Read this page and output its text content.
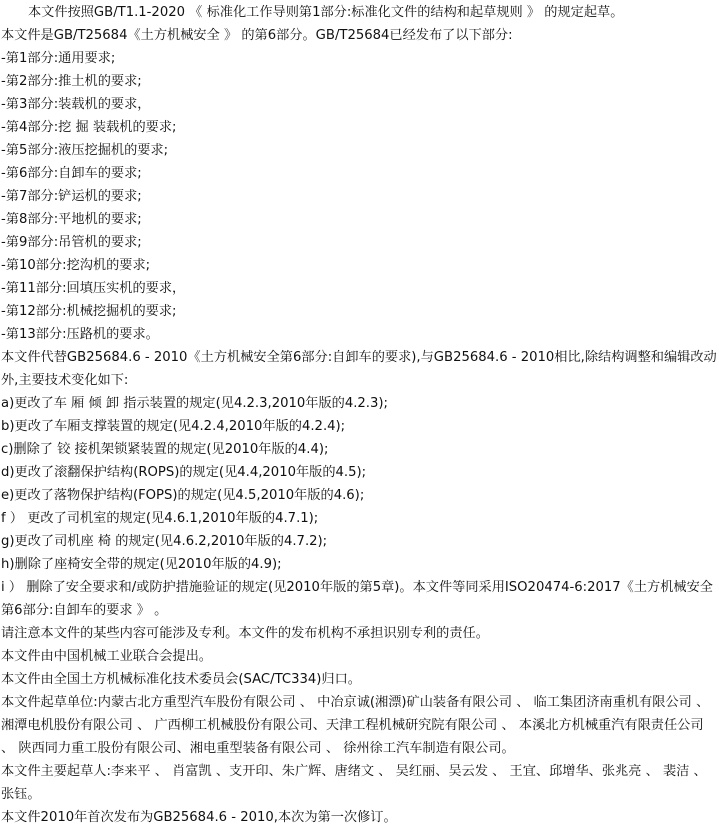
本文件按照GB/T1.1-2020 《 标准化工作导则第1部分:标准化文件的结构和起草规则 》 的规定起草。

本文件是GB/T25684《土方机械安全 》 的第6部分。GB/T25684已经发布了以下部分:

-第1部分:通用要求;

-第2部分:推土机的要求;

-第3部分:装载机的要求，

-第4部分:挖 掘 装载机的要求;

-第5部分:液压挖掘机的要求;

-第6部分:自卸车的要求;

-第7部分:铲运机的要求;

-第8部分:平地机的要求;

-第9部分:吊管机的要求;

-第10部分:挖沟机的要求;

-第11部分:回填压实机的要求，

-第12部分:机械挖掘机的要求;

-第13部分:压路机的要求。

本文件代替GB25684.6 - 2010《土方机械安全第6部分:自卸车的要求),与GB25684.6 - 2010相比,除结构调整和编辑改动外,主要技术变化如下:

a)更改了车 厢 倾 卸 指示装置的规定(见4.2.3,2010年版的4.2.3);

b)更改了车厢支撑装置的规定(见4.2.4,2010年版的4.2.4);

c)删除了 铰 接机架锁紧装置的规定(见2010年版的4.4);

d)更改了滚翻保护结构(ROPS)的规定(见4.4,2010年版的4.5);

e)更改了落物保护结构(FOPS)的规定(见4.5,2010年版的4.6);

f ） 更改了司机室的规定(见4.6.1,2010年版的4.7.1);

g)更改了司机座 椅 的规定(见4.6.2,2010年版的4.7.2);

h)删除了座椅安全带的规定(见2010年版的4.9);

i ） 删除了安全要求和/或防护措施验证的规定(见2010年版的第5章)。本文件等同采用ISO20474-6:2017《土方机械安全第6部分:自卸车的要求 》 。

请注意本文件的某些内容可能涉及专利。本文件的发布机构不承担识别专利的责任。

本文件由中国机械工业联合会提出。

本文件由全国土方机械标准化技术委员会(SAC/TC334)归口。

本文件起草单位:内蒙古北方重型汽车股份有限公司 、 中冶京诚(湘漂)矿山装备有限公司 、 临工集团济南重机有限公司 、 湘潭电机股份有限公司 、 广西柳工机械股份有限公司、天津工程机械研究院有限公司 、 本溪北方机械重汽有限责任公司 、 陕西同力重工股份有限公司、湘电重型装备有限公司 、 徐州徐工汽车制造有限公司。

本文件主要起草人:李来平 、 肖富凯 、支开印、朱广辉、唐绪文 、 吴红丽、吴云发 、 王宜、邱增华、张兆亮 、 裴洁 、 张钰。

本文件2010年首次发布为GB25684.6 - 2010,本次为第一次修订。
